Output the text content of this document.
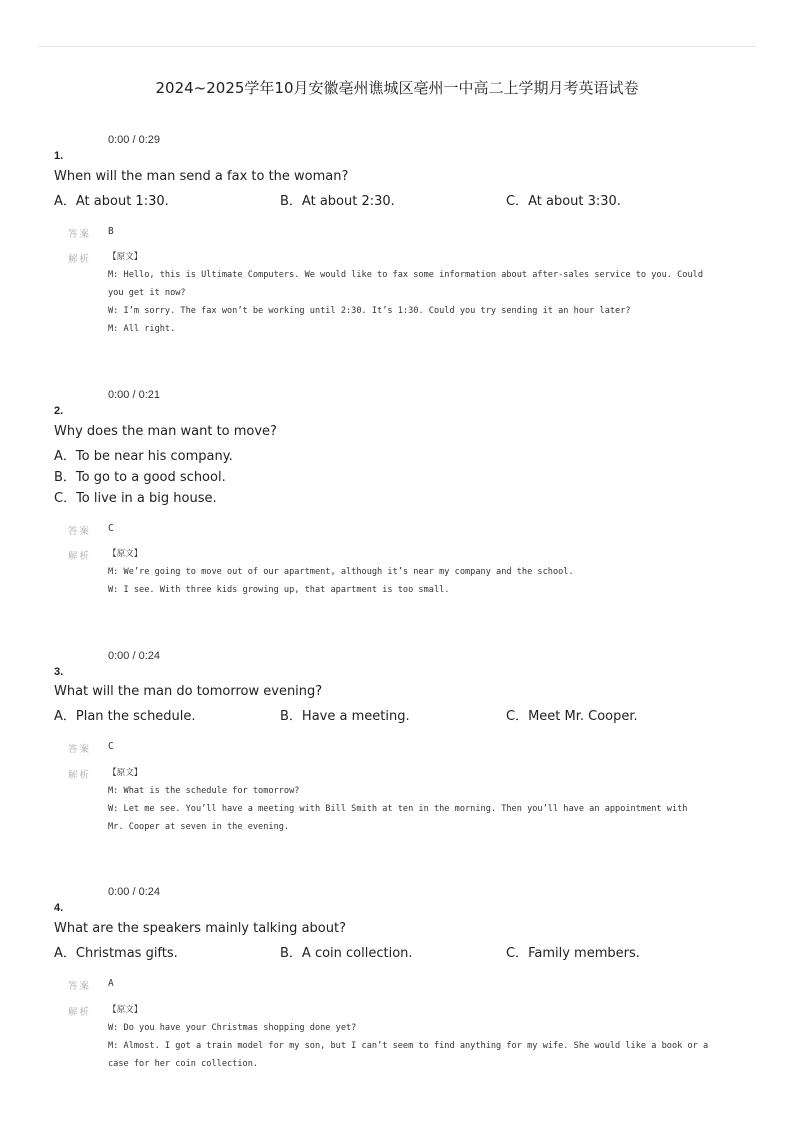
2024~2025学年10月安徽亳州谯城区亳州一中高二上学期月考英语试卷
0:00 / 0:29
1.
When will the man send a fax to the woman?
A．At about 1:30.	B．At about 2:30.	C．At about 3:30.
答案 B
解析 【原文】
M: Hello, this is Ultimate Computers. We would like to fax some information about after-sales service to you. Could
you get it now?
W: I’m sorry. The fax won’t be working until 2:30. It’s 1:30. Could you try sending it an hour later?
M: All right.
0:00 / 0:21
2.
Why does the man want to move?
A．To be near his company.
B．To go to a good school.
C．To live in a big house.
答案 C
解析 【原文】
M: We’re going to move out of our apartment, although it’s near my company and the school.
W: I see. With three kids growing up, that apartment is too small.
0:00 / 0:24
3.
What will the man do tomorrow evening?
A．Plan the schedule.	B．Have a meeting.	C．Meet Mr. Cooper.
答案 C
解析 【原文】
M: What is the schedule for tomorrow?
W: Let me see. You’ll have a meeting with Bill Smith at ten in the morning. Then you’ll have an appointment with
Mr. Cooper at seven in the evening.
0:00 / 0:24
4.
What are the speakers mainly talking about?
A．Christmas gifts.	B．A coin collection.	C．Family members.
答案 A
解析 【原文】
W: Do you have your Christmas shopping done yet?
M: Almost. I got a train model for my son, but I can’t seem to find anything for my wife. She would like a book or a
case for her coin collection.
